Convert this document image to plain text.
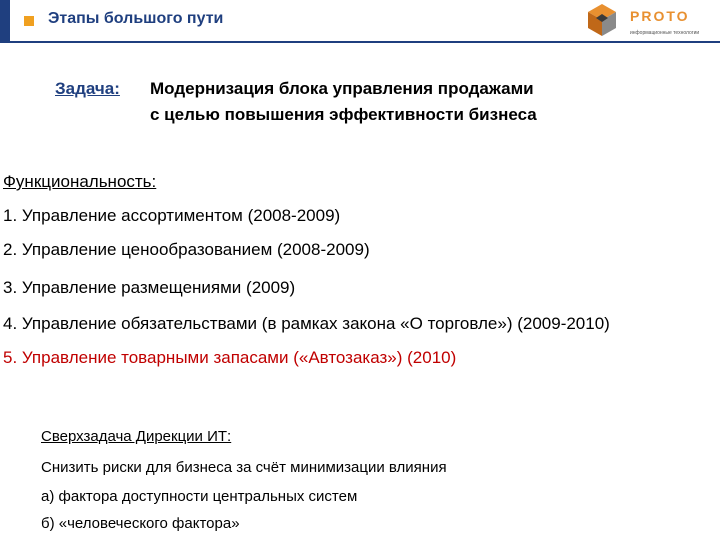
Этапы большого пути	PROTO
информационные технологии
Задача: Модернизация блока управления продажами
с целью повышения эффективности бизнеса
Функциональность:
1. Управление ассортиментом (2008-2009)
2. Управление ценообразованием (2008-2009)
3. Управление размещениями (2009)
4. Управление обязательствами (в рамках закона «О торговле») (2009-2010)
5. Управление товарными запасами («Автозаказ») (2010)
Сверхзадача Дирекции ИТ:
Снизить риски для бизнеса за счёт минимизации влияния
а) фактора доступности центральных систем
б) «человеческого фактора»
